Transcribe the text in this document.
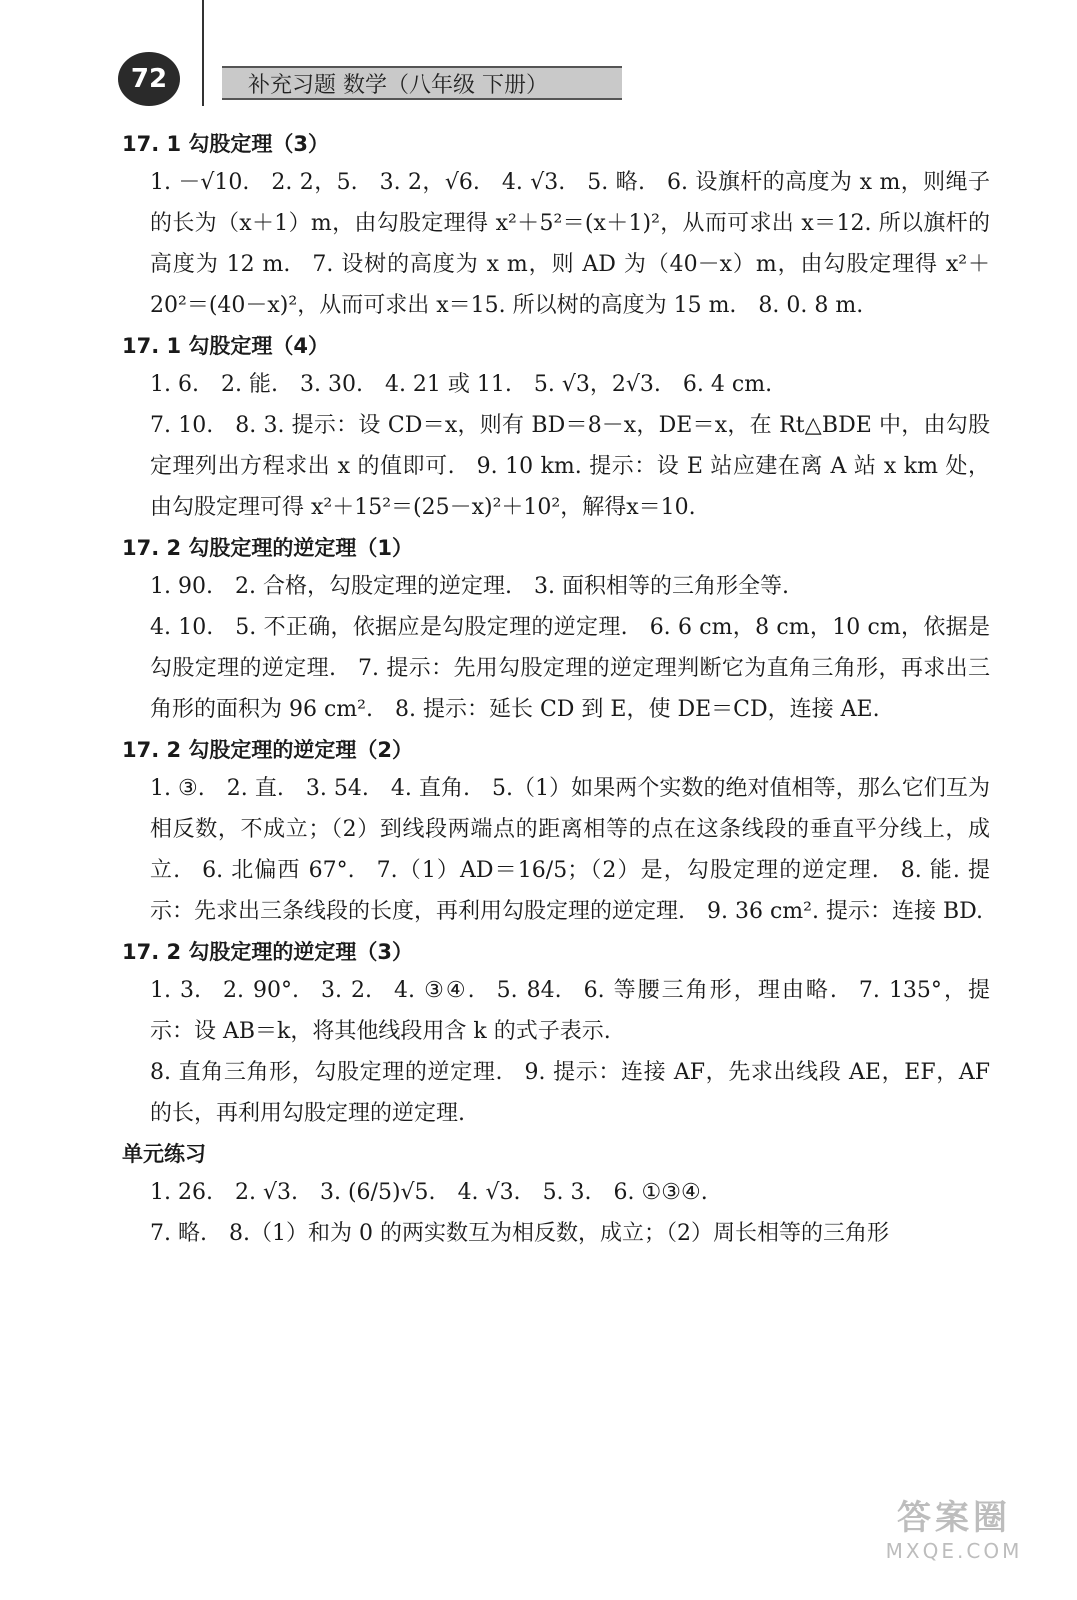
72	补充习题 数学（八年级 下册）
17. 1 勾股定理（3）

1. －√10. 2. 2，5. 3. 2，√6. 4. √3. 5. 略. 6. 设旗杆的高度为 x m，则绳子的长为（x＋1）m，由勾股定理得 x²＋5²＝(x＋1)²，从而可求出 x＝12. 所以旗杆的高度为 12 m. 7. 设树的高度为 x m，则 AD 为（40－x）m，由勾股定理得 x²＋20²＝(40－x)²，从而可求出 x＝15. 所以树的高度为 15 m. 8. 0. 8 m.

17. 1 勾股定理（4）

1. 6. 2. 能. 3. 30. 4. 21 或 11. 5. √3，2√3. 6. 4 cm.

7. 10. 8. 3. 提示：设 CD＝x，则有 BD＝8－x，DE＝x，在 Rt△BDE 中，由勾股定理列出方程求出 x 的值即可. 9. 10 km. 提示：设 E 站应建在离 A 站 x km 处，由勾股定理可得 x²＋15²＝(25－x)²＋10²，解得x＝10.

17. 2 勾股定理的逆定理（1）

1. 90. 2. 合格，勾股定理的逆定理. 3. 面积相等的三角形全等.

4. 10. 5. 不正确，依据应是勾股定理的逆定理. 6. 6 cm，8 cm，10 cm，依据是勾股定理的逆定理. 7. 提示：先用勾股定理的逆定理判断它为直角三角形，再求出三角形的面积为 96 cm². 8. 提示：延长 CD 到 E，使 DE＝CD，连接 AE.

17. 2 勾股定理的逆定理（2）

1. ③. 2. 直. 3. 54. 4. 直角. 5.（1）如果两个实数的绝对值相等，那么它们互为相反数，不成立；（2）到线段两端点的距离相等的点在这条线段的垂直平分线上，成立. 6. 北偏西 67°. 7.（1）AD＝16/5；（2）是，勾股定理的逆定理. 8. 能. 提示：先求出三条线段的长度，再利用勾股定理的逆定理. 9. 36 cm². 提示：连接 BD.

17. 2 勾股定理的逆定理（3）

1. 3. 2. 90°. 3. 2. 4. ③④. 5. 84. 6. 等腰三角形，理由略. 7. 135°，提示：设 AB＝k，将其他线段用含 k 的式子表示.

8. 直角三角形，勾股定理的逆定理. 9. 提示：连接 AF，先求出线段 AE，EF，AF 的长，再利用勾股定理的逆定理.

单元练习

1. 26. 2. √3. 3. (6/5)√5. 4. √3. 5. 3. 6. ①③④.

7. 略. 8.（1）和为 0 的两实数互为相反数，成立；（2）周长相等的三角形

答案圈
MXQE.COM
